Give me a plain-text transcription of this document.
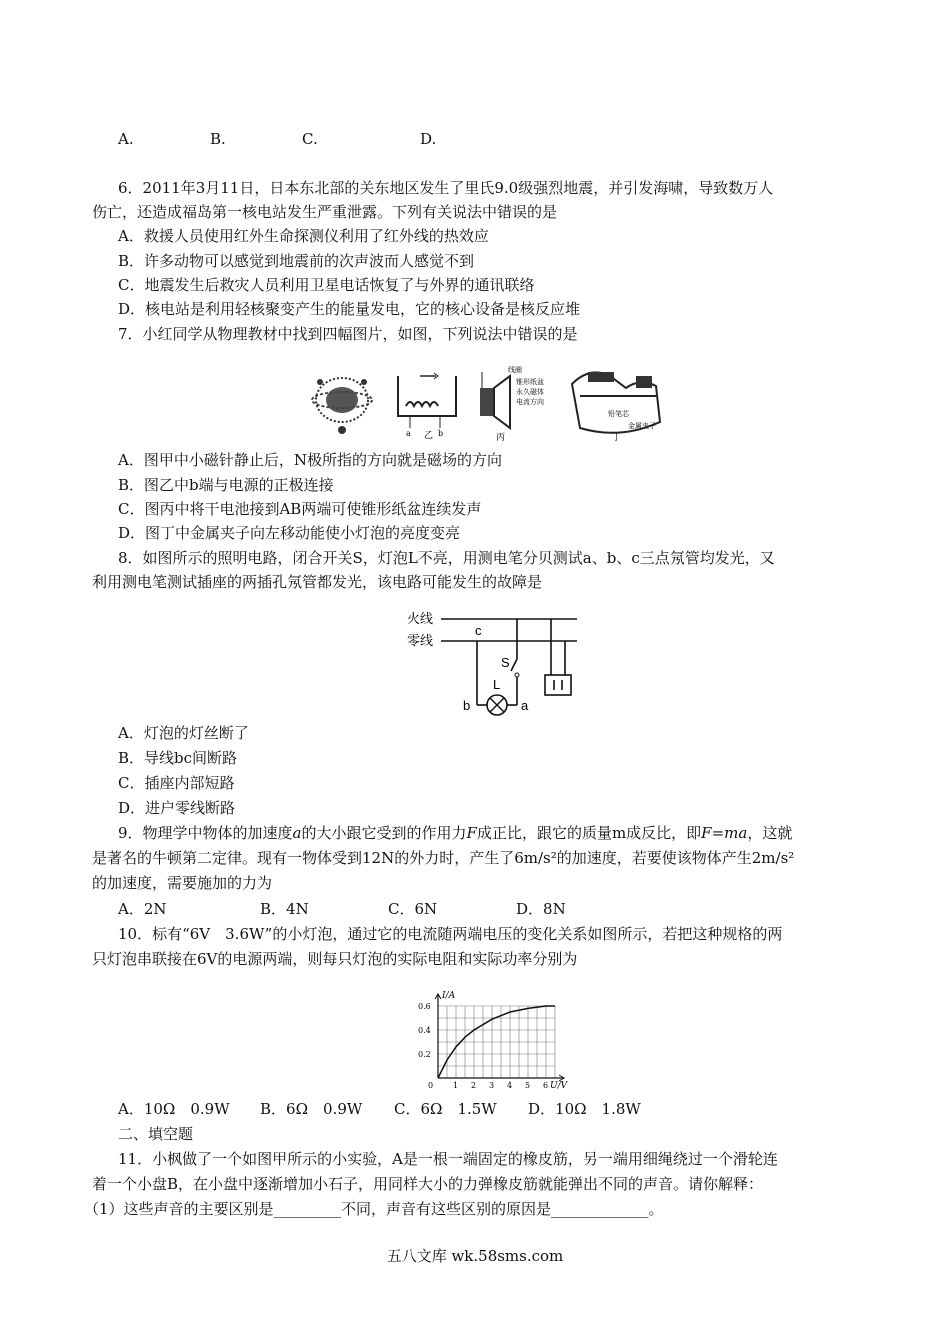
A.	B.	C.	D.
6．2011年3月11日，日本东北部的关东地区发生了里氏9.0级强烈地震，并引发海啸，导致数万人
伤亡，还造成福岛第一核电站发生严重泄露。下列有关说法中错误的是
A．救援人员使用红外生命探测仪利用了红外线的热效应
B．许多动物可以感觉到地震前的次声波而人感觉不到
C．地震发生后救灾人员利用卫星电话恢复了与外界的通讯联络
D．核电站是利用轻核聚变产生的能量发电，它的核心设备是核反应堆
7．小红同学从物理教材中找到四幅图片，如图，下列说法中错误的是
a	b
乙
线圈
锥形纸盆
永久磁体
电流方向
丙
铅笔芯
金属夹子
丁
A．图甲中小磁针静止后，N极所指的方向就是磁场的方向
B．图乙中b端与电源的正极连接
C．图丙中将干电池接到AB两端可使锥形纸盆连续发声
D．图丁中金属夹子向左移动能使小灯泡的亮度变亮
8．如图所示的照明电路，闭合开关S，灯泡L不亮，用测电笔分贝测试a、b、c三点氖管均发光，又
利用测电笔测试插座的两插孔氖管都发光，该电路可能发生的故障是
火线
零线
c
S
L
b	a
A．灯泡的灯丝断了
B．导线bc间断路
C．插座内部短路
D．进户零线断路
9．物理学中物体的加速度a的大小跟它受到的作用力F成正比，跟它的质量m成反比，即F=ma，这就
是著名的牛顿第二定律。现有一物体受到12N的外力时，产生了6m/s²的加速度，若要使该物体产生2m/s²
的加速度，需要施加的力为
A．2N	B．4N	C．6N	D．8N
10．标有“6V　3.6W”的小灯泡，通过它的电流随两端电压的变化关系如图所示，若把这种规格的两
只灯泡串联接在6V的电源两端，则每只灯泡的实际电阻和实际功率分别为
0 1 2 3 4 5 6
0.2
0.4
0.6
I/A
U/V
A．10Ω　0.9W	B．6Ω　0.9W	C．6Ω　1.5W	D．10Ω　1.8W
二、填空题
11．小枫做了一个如图甲所示的小实验，A是一根一端固定的橡皮筋，另一端用细绳绕过一个滑轮连
着一个小盘B，在小盘中逐渐增加小石子，用同样大小的力弹橡皮筋就能弹出不同的声音。请你解释：
（1）这些声音的主要区别是_________不同，声音有这些区别的原因是_____________。
五八文库 wk.58sms.com
